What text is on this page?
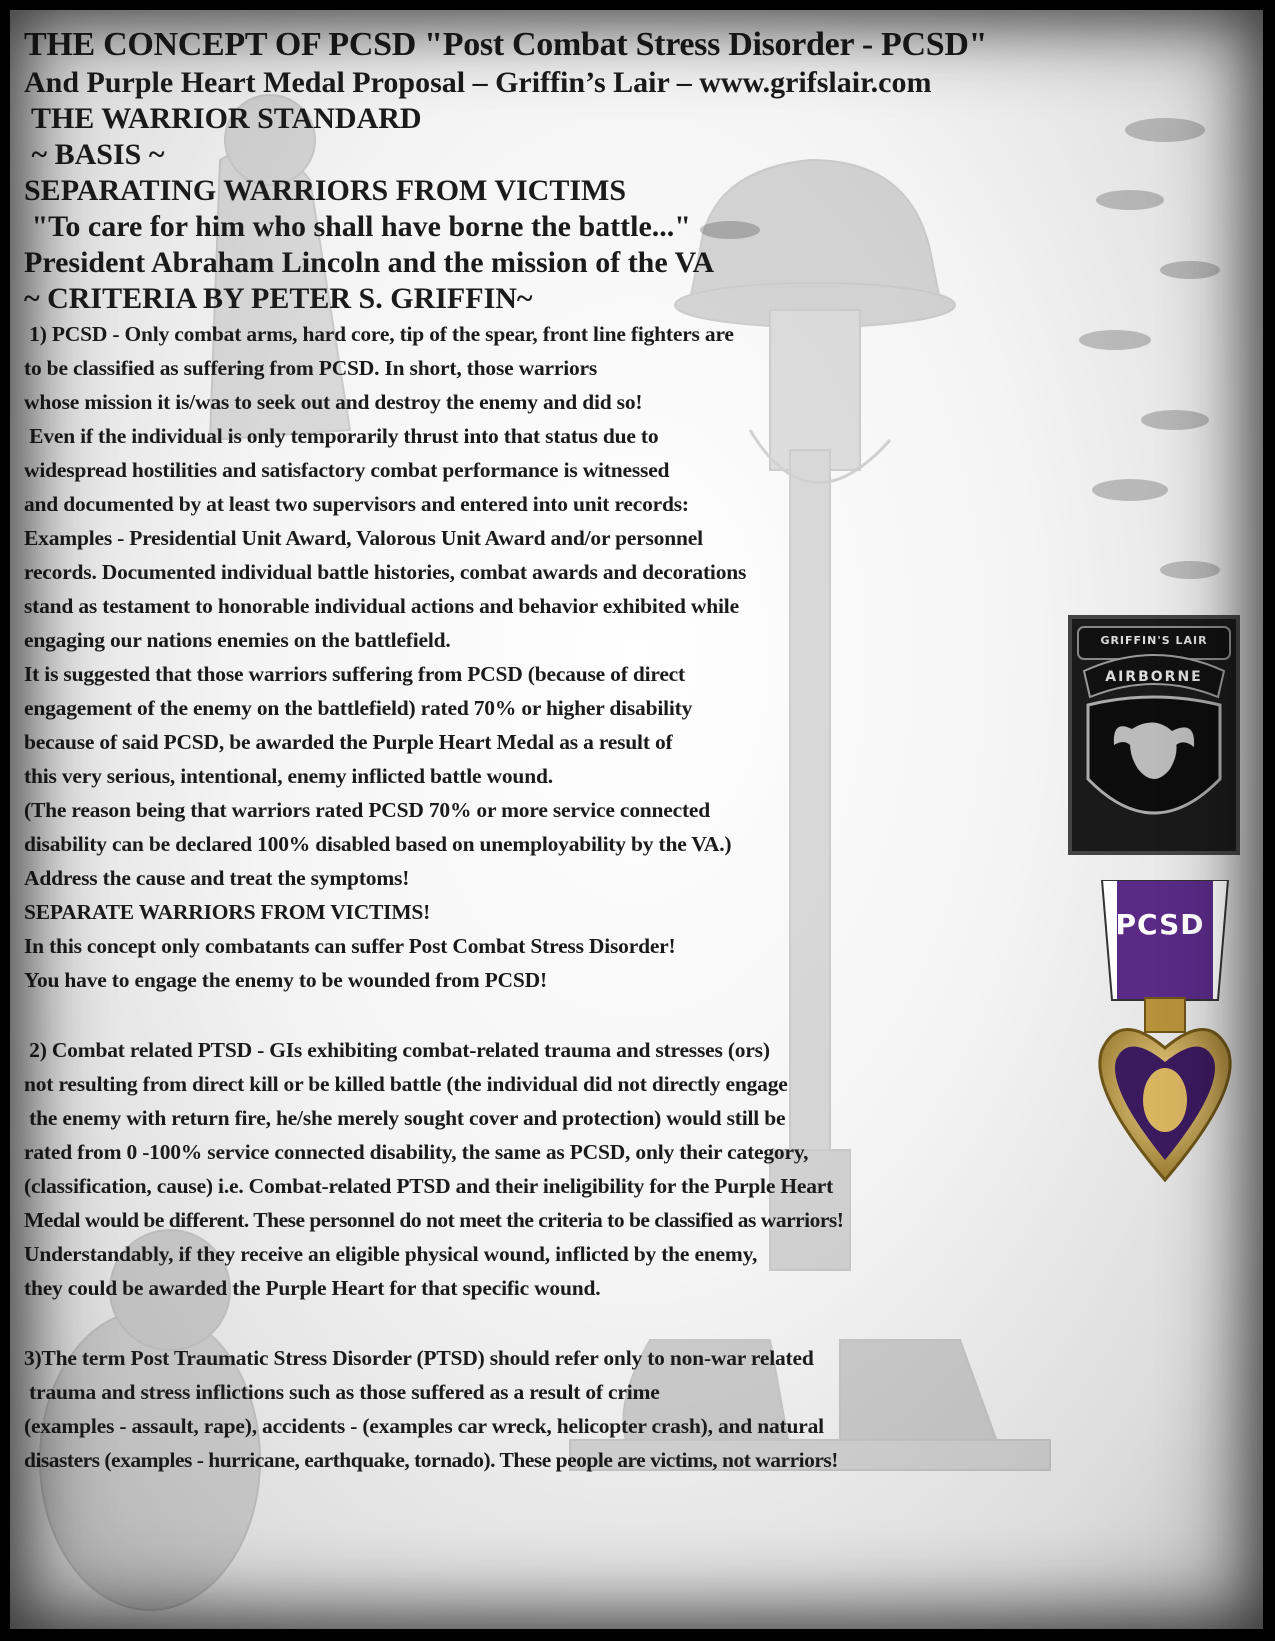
THE CONCEPT OF PCSD "Post Combat Stress Disorder - PCSD"

And Purple Heart Medal Proposal – Griffin’s Lair – www.grifslair.com

THE WARRIOR STANDARD

~ BASIS ~

SEPARATING WARRIORS FROM VICTIMS

"To care for him who shall have borne the battle..."

President Abraham Lincoln and the mission of the VA

~ CRITERIA BY PETER S. GRIFFIN~

1) PCSD - Only combat arms, hard core, tip of the spear, front line fighters are

to be classified as suffering from PCSD. In short, those warriors

whose mission it is/was to seek out and destroy the enemy and did so!

Even if the individual is only temporarily thrust into that status due to

widespread hostilities and satisfactory combat performance is witnessed

and documented by at least two supervisors and entered into unit records:

Examples - Presidential Unit Award, Valorous Unit Award and/or personnel

records. Documented individual battle histories, combat awards and decorations

stand as testament to honorable individual actions and behavior exhibited while

engaging our nations enemies on the battlefield.

It is suggested that those warriors suffering from PCSD (because of direct

engagement of the enemy on the battlefield) rated 70% or higher disability

because of said PCSD, be awarded the Purple Heart Medal as a result of

this very serious, intentional, enemy inflicted battle wound.

(The reason being that warriors rated PCSD 70% or more service connected

disability can be declared 100% disabled based on unemployability by the VA.)

Address the cause and treat the symptoms!

SEPARATE WARRIORS FROM VICTIMS!

In this concept only combatants can suffer Post Combat Stress Disorder!

You have to engage the enemy to be wounded from PCSD!

2) Combat related PTSD - GIs exhibiting combat-related trauma and stresses (ors)

not resulting from direct kill or be killed battle (the individual did not directly engage

the enemy with return fire, he/she merely sought cover and protection) would still be

rated from 0 -100% service connected disability, the same as PCSD, only their category,

(classification, cause) i.e. Combat-related PTSD and their ineligibility for the Purple Heart

Medal would be different. These personnel do not meet the criteria to be classified as warriors!

Understandably, if they receive an eligible physical wound, inflicted by the enemy,

they could be awarded the Purple Heart for that specific wound.

3)The term Post Traumatic Stress Disorder (PTSD) should refer only to non-war related

trauma and stress inflictions such as those suffered as a result of crime

(examples - assault, rape), accidents - (examples car wreck, helicopter crash), and natural

disasters (examples - hurricane, earthquake, tornado). These people are victims, not warriors!

GRIFFIN'S LAIR
AIRBORNE
PCSD
